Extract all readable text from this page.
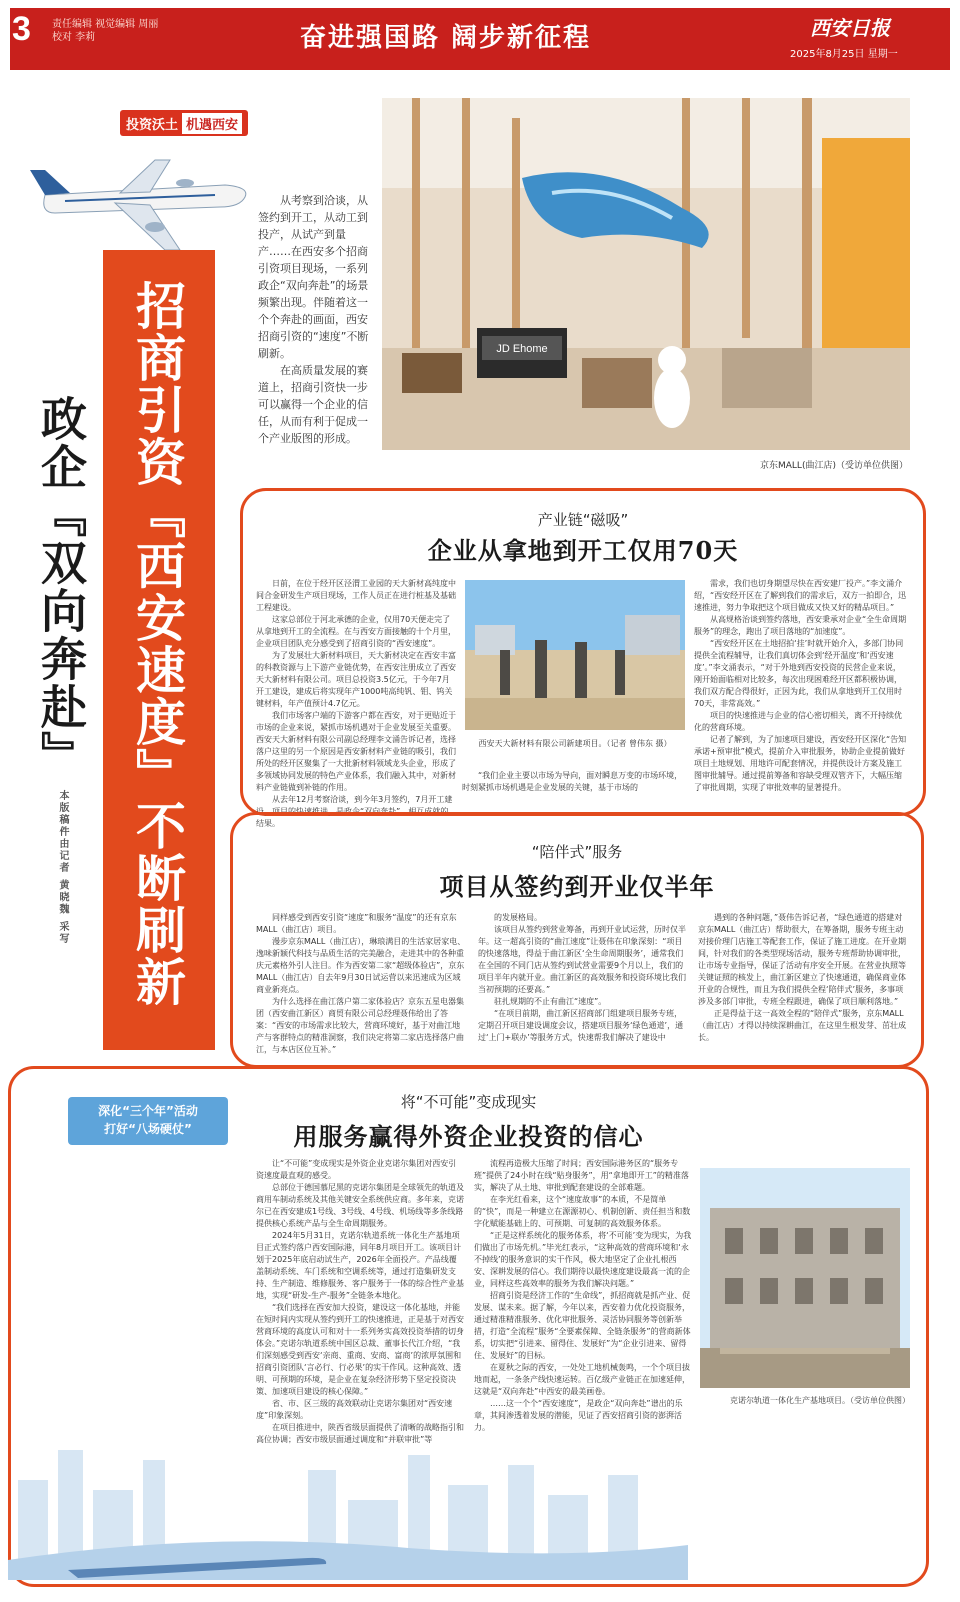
3 责任编辑 视觉编辑 周丽
校对 李莉	奋进强国路 阔步新征程	西安日报
2025年8月25日 星期一
投资沃土 机遇西安
招商引资『西安速度』不断刷新
政企『双向奔赴』
本版稿件由记者 黄晓魏 采写

从考察到洽谈，从签约到开工，从动工到投产，从试产到量产……在西安多个招商引资项目现场，一系列政企“双向奔赴”的场景频繁出现。伴随着这一个个奔赴的画面，西安招商引资的“速度”不断刷新。

在高质量发展的赛道上，招商引资快一步可以赢得一个企业的信任，从而有利于促成一个产业版图的形成。

JD Ehome
京东MALL(曲江店)（受访单位供图）
产业链“磁吸”
企业从拿地到开工仅用70天

日前，在位于经开区泾渭工业园的天大新材高纯度中间合金研发生产项目现场，工作人员正在进行桩基及基础工程建设。

这家总部位于河北承德的企业，仅用70天便走完了从拿地到开工的全流程。在与西安方面接触的十个月里，企业项目团队充分感受到了招商引资的“西安速度”。

为了发展壮大新材料项目，天大新材决定在西安丰富的科教资源与上下游产业链优势，在西安注册成立了西安天大新材料有限公司。项目总投资3.5亿元，于今年7月开工建设，建成后将实现年产1000吨高纯钒、钼、钨关键材料，年产值预计4.7亿元。

我们市场客户端的下游客户都在西安，对于更贴近于市场的企业来说，紧抓市场机遇对于企业发展至关重要。西安天大新材料有限公司副总经理李文涌告诉记者，选择落户这里的另一个原因是西安新材料产业链的吸引，我们所处的经开区聚集了一大批新材料领域龙头企业，形成了多领域协同发展的特色产业体系，我们融入其中，对新材料产业链做到补链的作用。

从去年12月考察洽谈，到今年3月签约，7月开工建设，项目的快速推进，是政企“双向奔赴”、相互成就的结果。

西安天大新材料有限公司新建项目。（记者 曾伟东 摄）

“我们企业主要以市场为导向，面对瞬息万变的市场环境，时刻紧抓市场机遇是企业发展的关键，基于市场的

需求，我们也切身期望尽快在西安建厂投产。”李文涌介绍，“西安经开区在了解到我们的需求后，双方一拍即合，迅速推进，努力争取把这个项目做成又快又好的精品项目。”

从高规格治谈到签约落地，西安秉承对企业“全生命周期服务”的理念，跑出了项目落地的“加速度”。

“西安经开区在土地招拍‘挂’时就开始介入，多部门协同提供全流程辅导，让我们真切体会到‘经开温度’和‘西安速度’。”李文涌表示，“对于外地到西安投资的民营企业来说，刚开始面临相对比较多，每次出现困难经开区都积极协调，我们双方配合得很好，正因为此，我们从拿地到开工仅用时70天，非常高效。”

项目的快速推进与企业的信心密切相关，离不开持续优化的营商环境。

记者了解到，为了加速项目建设，西安经开区深化“告知承诺+预审批”模式，提前介入审批服务，协助企业提前做好项目土地规划、用地许可配套情况，并提供设计方案及施工图审批辅导。通过提前筹备和容缺受理双管齐下，大幅压缩了审批周期，实现了审批效率的显著提升。

“陪伴式”服务
项目从签约到开业仅半年

同样感受到西安引资“速度”和服务“温度”的还有京东MALL（曲江店）项目。

漫步京东MALL（曲江店），琳琅满目的生活家居家电、逸味新颖代科技与品质生活的完美融合，走进其中的各种重庆元素格外引人注目。作为西安第二家“超级体验店”，京东MALL（曲江店）自去年9月30日试运营以来迅速成为区域商业新亮点。

为什么选择在曲江落户第二家体验店？京东五星电器集团（西安曲江新区）商贸有限公司总经理聂伟给出了答案：“西安的市场需求比较大，营商环境好，基于对曲江地产与客群特点的精准洞察，我们决定将第二家店选择落户曲江，与本店区位互补。”

的发展格局。

该项目从签约到营业筹备，再到开业试运营，历时仅半年。这一超高引资的“曲江速度”让聂伟在印象深刻：“项目的快速落地，得益于曲江新区‘全生命周期服务’，通常我们在全国的不同门店从签约到试营业需要9个月以上，我们的项目半年内就开业。曲江新区的高效服务和投资环境比我们当初预期的还要高。”

驻扎规期的不止有曲江“速度”。

“在项目前期，曲江新区招商部门组建项目服务专班，定期召开项目建设调度会议，搭建项目服务‘绿色通道’，通过‘上门+联办’等服务方式，快速帮我们解决了建设中

遇到的各种问题，”聂伟告诉记者，“绿色通道的搭建对京东MALL（曲江店）帮助很大，在筹备期，服务专班主动对接价理门店施工等配套工作，保证了施工进度。在开业期间，针对我们的各类型现场活动，服务专班帮助协调审批，让市场专业指导，保证了活动有序安全开展。在营业执照等关键证照的核发上，曲江新区建立了快速通道，确保商业体开业的合规性，而且为我们提供全程‘陪伴式’服务，多事项涉及多部门审批，专班全程跟进，确保了项目顺利落地。”

正是得益于这一高效全程的“陪伴式”服务，京东MALL（曲江店）才得以持续深耕曲江，在这里生根发芽、茁壮成长。

将“不可能”变成现实
用服务赢得外资企业投资的信心
深化“三个年”活动
打好“八场硬仗”

让“不可能”变成现实是外资企业克诺尔集团对西安引资速度最直观的感受。

总部位于德国慕尼黑的克诺尔集团是全球领先的轨道及商用车制动系统及其他关键安全系统供应商。多年来，克诺尔已在西安建成1号线、3号线、4号线、机场线等多条线路提供核心系统产品与全生命周期服务。

2024年5月31日，克诺尔轨道系统一体化生产基地项目正式签约落户西安国际港，同年8月项目开工。该项目计划于2025年底启动试生产，2026年全面投产。产品线覆盖制动系统、车门系统和空调系统等，通过打造集研发支持、生产制造、维修服务、客户服务于一体的综合性产业基地，实现“研发-生产-服务”全链条本地化。

“我们选择在西安加大投资，建设这一体化基地，并能在短时间内实现从签约到开工的快速推进，正是基于对西安营商环境的高度认可和对十一系列务实高效投资举措的切身体会。”克诺尔轨道系统中国区总裁、董事长代江介绍，“我们深刻感受到西安‘亲商、重商、安商、富商’的浓厚氛围和招商引资团队‘言必行、行必果’的实干作风。这种高效、透明、可预期的环境，是企业在复杂经济形势下坚定投资决策、加速项目建设的核心保障。”

省、市、区三级的高效联动让克诺尔集团对“西安速度”印象深刻。

在项目推进中，陕西省级层面提供了清晰的战略指引和高位协调；西安市级层面通过调度和“并联审批”等

流程再造极大压缩了时间；西安国际港务区的“服务专班”提供了24小时在线“贴身服务”，用“拿地即开工”的精准落实，解决了从土地、审批到配套建设的全部难题。

在李光红看来，这个“速度故事”的本质，不是简单的“快”，而是一种建立在源源初心、机制创新、责任担当和数字化赋能基础上的、可预期、可复制的高效服务体系。

“正是这样系统化的服务体系，将‘不可能’变为现实，为我们做出了市场先机。”毕光红表示，“这种高效的营商环境和‘永不掉线’的服务意识的实干作风，极大地坚定了企业扎根西安、深耕发展的信心。我们期待以最快速度建设最高一流的企业，同样这些高效率的服务为我们解决问题。”

招商引资是经济工作的“生命线”，抓招商就是抓产业、促发展、谋未来。据了解，今年以来，西安着力优化投资服务，通过精准精准服务、优化审批服务、灵活协同服务等创新举措，打造“全流程”服务“全要素保障、全链条服务”的营商新体系，切实把“引进来、留得住、发展好”为“企业引进来、留得住、发展好”的目标。

在夏秋之际的西安，一处处工地机械轰鸣，一个个项目拔地而起，一条条产线快速运转。百亿级产业链正在加速延伸，这就是“双向奔赴”中西安的最美画卷。

……这一个个“西安速度”，是政企“双向奔赴”谱出的乐章，其间渗透着发展的潜能，见证了西安招商引资的澎湃活力。

克诺尔轨道一体化生产基地项目。（受访单位供图）
